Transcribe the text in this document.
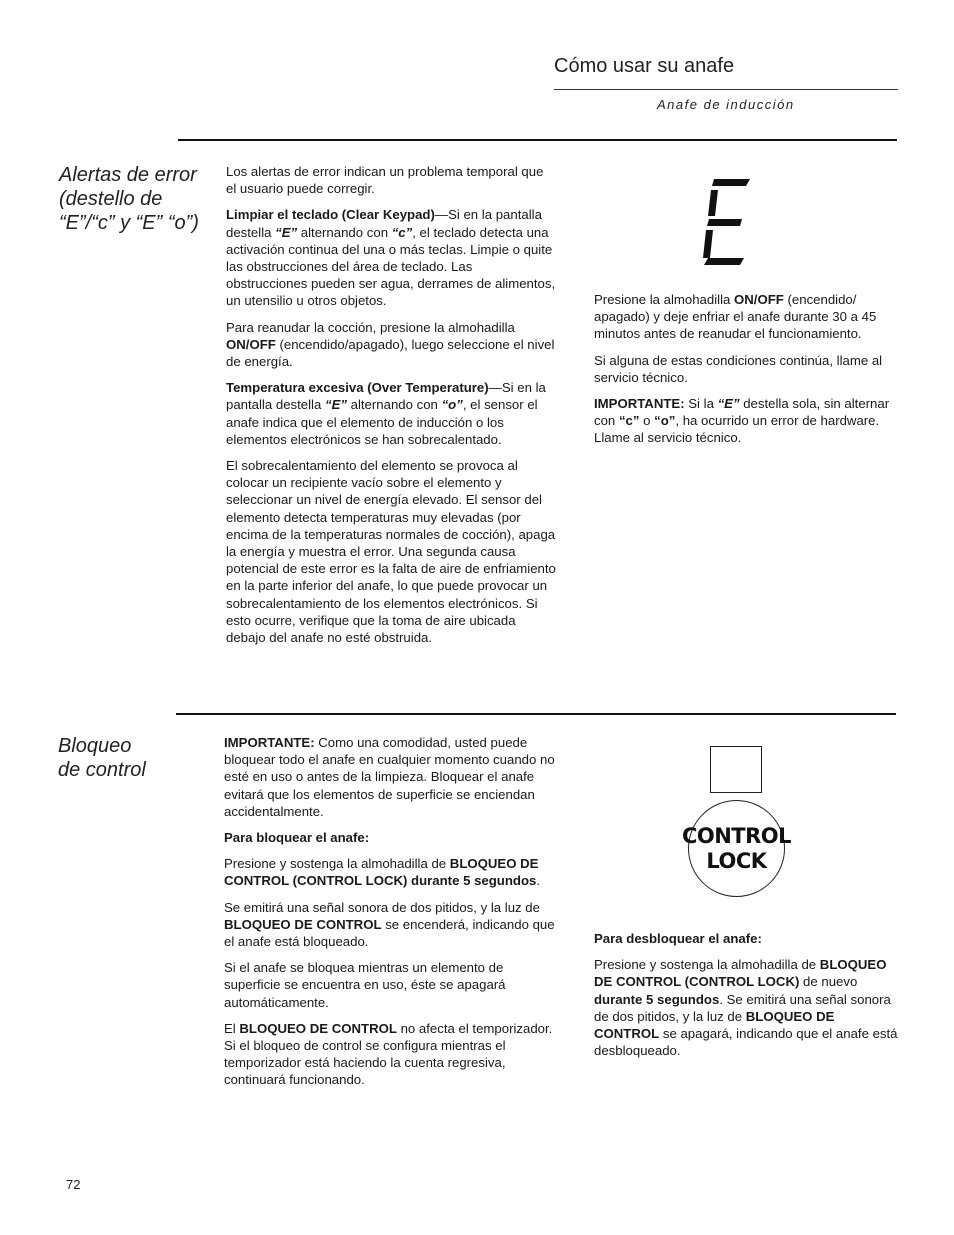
Cómo usar su anafe
Anafe de inducción
Alertas de error (destello de “E”/“c” y “E” “o”)

Los alertas de error indican un problema temporal que el usuario puede corregir.

Limpiar el teclado (Clear Keypad)—Si en la pantalla destella “E” alternando con “c”, el teclado detecta una activación continua del una o más teclas. Limpie o quite las obstrucciones del área de teclado. Las obstrucciones pueden ser agua, derrames de alimentos, un utensilio u otros objetos.

Para reanudar la cocción, presione la almohadilla ON/OFF (encendido/apagado), luego seleccione el nivel de energía.

Temperatura excesiva (Over Temperature)—Si en la pantalla destella “E” alternando con “o”, el sensor el anafe indica que el elemento de inducción o los elementos electrónicos se han sobrecalentado.

El sobrecalentamiento del elemento se provoca al colocar un recipiente vacío sobre el elemento y seleccionar un nivel de energía elevado. El sensor del elemento detecta temperaturas muy elevadas (por encima de la temperaturas normales de cocción), apaga la energía y muestra el error. Una segunda causa potencial de este error es la falta de aire de enfriamiento en la parte inferior del anafe, lo que puede provocar un sobrecalentamiento de los elementos electrónicos. Si esto ocurre, verifique que la toma de aire ubicada debajo del anafe no esté obstruida.

Presione la almohadilla ON/OFF (encendido/ apagado) y deje enfriar el anafe durante 30 a 45 minutos antes de reanudar el funcionamiento.

Si alguna de estas condiciones continúa, llame al servicio técnico.

IMPORTANTE: Si la “E” destella sola, sin alternar con “c” o “o”, ha ocurrido un error de hardware. Llame al servicio técnico.

Bloqueo
de control

IMPORTANTE: Como una comodidad, usted puede bloquear todo el anafe en cualquier momento cuando no esté en uso o antes de la limpieza. Bloquear el anafe evitará que los elementos de superficie se enciendan accidentalmente.

Para bloquear el anafe:

Presione y sostenga la almohadilla de BLOQUEO DE CONTROL (CONTROL LOCK) durante 5 segundos.

Se emitirá una señal sonora de dos pitidos, y la luz de BLOQUEO DE CONTROL se encenderá, indicando que el anafe está bloqueado.

Si el anafe se bloquea mientras un elemento de superficie se encuentra en uso, éste se apagará automáticamente.

El BLOQUEO DE CONTROL no afecta el temporizador. Si el bloqueo de control se configura mientras el temporizador está haciendo la cuenta regresiva, continuará funcionando.

CONTROL
LOCK

Para desbloquear el anafe:

Presione y sostenga la almohadilla de BLOQUEO DE CONTROL (CONTROL LOCK) de nuevo durante 5 segundos. Se emitirá una señal sonora de dos pitidos, y la luz de BLOQUEO DE CONTROL se apagará, indicando que el anafe está desbloqueado.

72
